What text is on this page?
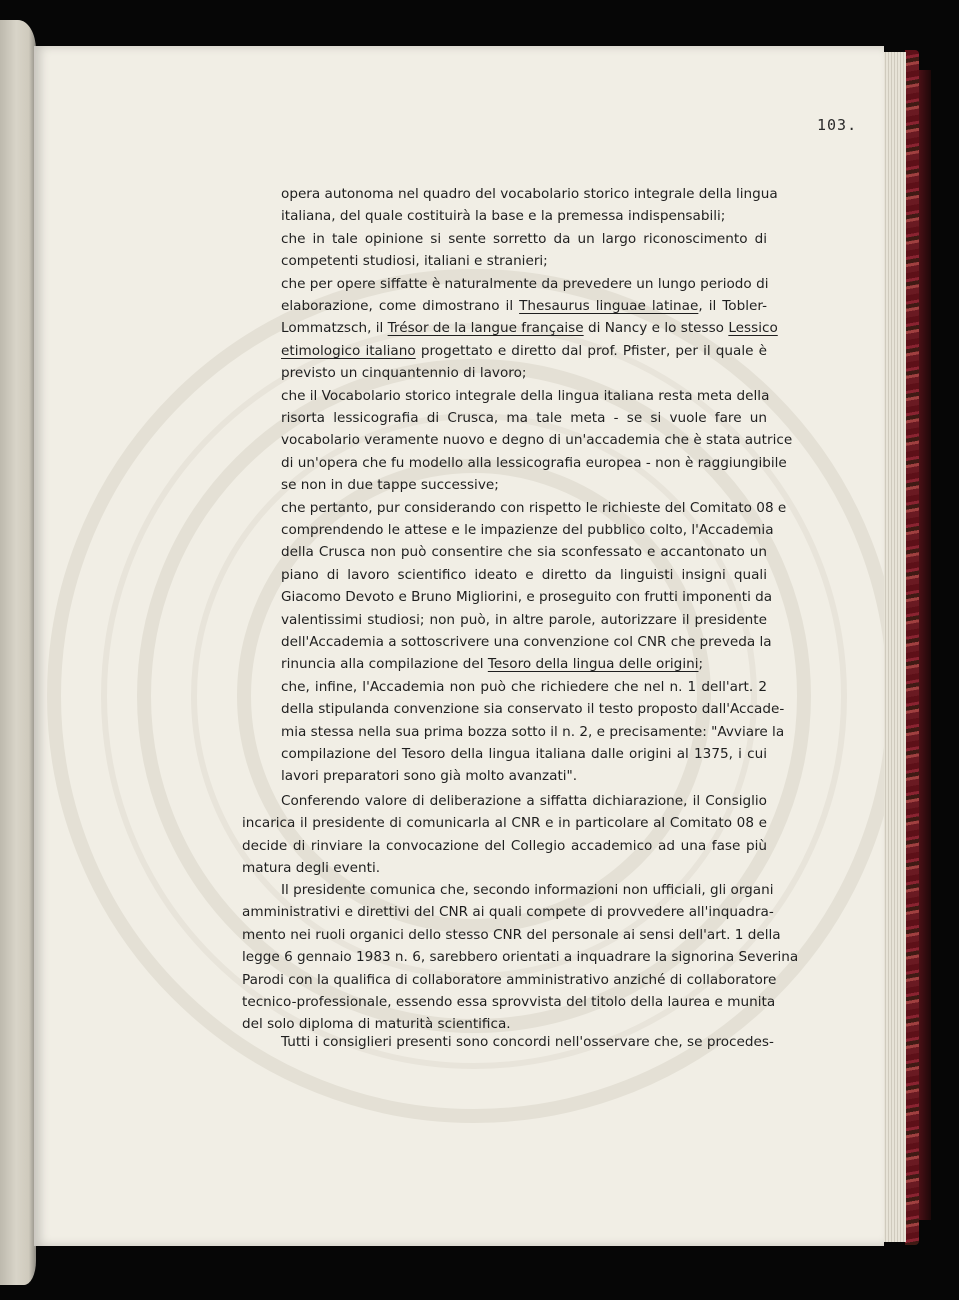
103.
opera autonoma nel quadro del vocabolario storico integrale della lingua
italiana, del quale costituirà la base e la premessa indispensabili;
che in tale opinione si sente sorretto da un largo riconoscimento di
competenti studiosi, italiani e stranieri;
che per opere siffatte è naturalmente da prevedere un lungo periodo di
elaborazione, come dimostrano il Thesaurus linguae latinae, il Tobler-
Lommatzsch, il Trésor de la langue française di Nancy e lo stesso Lessico
etimologico italiano progettato e diretto dal prof. Pfister, per il quale è
previsto un cinquantennio di lavoro;
che il Vocabolario storico integrale della lingua italiana resta meta della
risorta lessicografia di Crusca, ma tale meta - se si vuole fare un
vocabolario veramente nuovo e degno di un'accademia che è stata autrice
di un'opera che fu modello alla lessicografia europea - non è raggiungibile
se non in due tappe successive;
che pertanto, pur considerando con rispetto le richieste del Comitato 08 e
comprendendo le attese e le impazienze del pubblico colto, l'Accademia
della Crusca non può consentire che sia sconfessato e accantonato un
piano di lavoro scientifico ideato e diretto da linguisti insigni quali
Giacomo Devoto e Bruno Migliorini, e proseguito con frutti imponenti da
valentissimi studiosi; non può, in altre parole, autorizzare il presidente
dell'Accademia a sottoscrivere una convenzione col CNR che preveda la
rinuncia alla compilazione del Tesoro della lingua delle origini;
che, infine, l'Accademia non può che richiedere che nel n. 1 dell'art. 2
della stipulanda convenzione sia conservato il testo proposto dall'Accade-
mia stessa nella sua prima bozza sotto il n. 2, e precisamente: "Avviare la
compilazione del Tesoro della lingua italiana dalle origini al 1375, i cui
lavori preparatori sono già molto avanzati".
Conferendo valore di deliberazione a siffatta dichiarazione, il Consiglio
incarica il presidente di comunicarla al CNR e in particolare al Comitato 08 e
decide di rinviare la convocazione del Collegio accademico ad una fase più
matura degli eventi.
Il presidente comunica che, secondo informazioni non ufficiali, gli organi
amministrativi e direttivi del CNR ai quali compete di provvedere all'inquadra-
mento nei ruoli organici dello stesso CNR del personale ai sensi dell'art. 1 della
legge 6 gennaio 1983 n. 6, sarebbero orientati a inquadrare la signorina Severina
Parodi con la qualifica di collaboratore amministrativo anziché di collaboratore
tecnico-professionale, essendo essa sprovvista del titolo della laurea e munita
del solo diploma di maturità scientifica.
Tutti i consiglieri presenti sono concordi nell'osservare che, se procedes-
